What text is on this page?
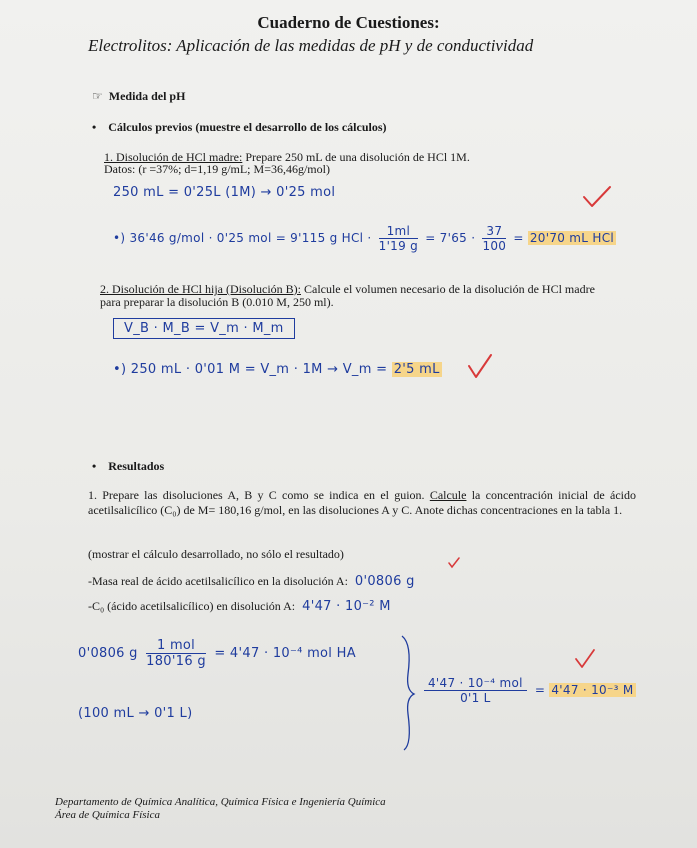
Cuaderno de Cuestiones:
Electrolitos: Aplicación de las medidas de pH y de conductividad
☞ Medida del pH
• Cálculos previos (muestre el desarrollo de los cálculos)
1. Disolución de HCl madre: Prepare 250 mL de una disolución de HCl 1M.
Datos: (r =37%; d=1,19 g/mL; M=36,46g/mol)
250 mL = 0'25L (1M) → 0'25 mol
•) 36'46 g/mol · 0'25 mol = 9'115 g HCl · $\frac{1ml}{1'19 g} = 7'65 \cdot \frac{37}{100} = 20'70$ mL HCl
2. Disolución de HCl hija (Disolución B): Calcule el volumen necesario de la disolución de HCl madre para preparar la disolución B (0.010 M, 250 ml).
V_B · M_B = V_m · M_m
•) 250 mL · 0'01 M = V_m · 1M → V_m = 2'5 mL
• Resultados
1. Prepare las disoluciones A, B y C como se indica en el guion. Calcule la concentración inicial de ácido acetilsalicílico (C₀) de M= 180,16 g/mol, en las disoluciones A y C. Anote dichas concentraciones en la tabla 1.
(mostrar el cálculo desarrollado, no sólo el resultado)
-Masa real de ácido acetilsalicílico en la disolución A: 0'0806 g
-C₀ (ácido acetilsalicílico) en disolución A: 4'47 · 10⁻² M
0'0806 g
1 mol
180'16 g
= 4'47 · 10⁻⁴ mol HA
(100 mL → 0'1 L)
4'47 · 10⁻⁴ mol
0'1 L
= 4'47 · 10⁻³ M
Departamento de Química Analítica, Química Física e Ingeniería Química
Área de Química Física
